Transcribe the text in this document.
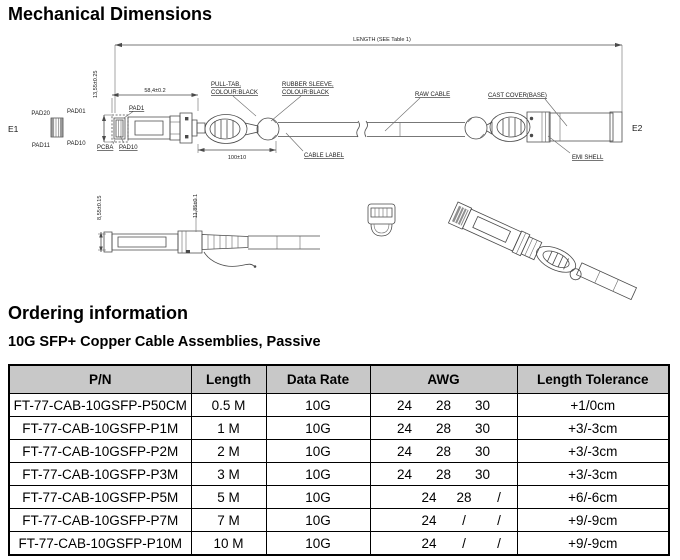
Mechanical Dimensions
LENGTH (SEE Table 1)
E1
PAD20	PAD01
PAD11	PAD10
E2
PAD1
PCBA PAD10
PULL-TAB,
COLOUR:BLACK
RUBBER SLEEVE,
COLOUR:BLACK	RAW CABLE	CAST COVER(BASE)
EMI SHELL
CABLE LABEL
58,4±0.2
13,55±0.25
100±10
8,55±0.15	11,85±0.1
Ordering information
10G SFP+ Copper Cable Assemblies, Passive
P/N	Length	Data Rate	AWG	Length Tolerance
FT-77-CAB-10GSFP-P50CM	0.5 M	10G	24 28 30	+1/0cm
FT-77-CAB-10GSFP-P1M	1 M	10G	24 28 30	+3/-3cm
FT-77-CAB-10GSFP-P2M	2 M	10G	24 28 30	+3/-3cm
FT-77-CAB-10GSFP-P3M	3 M	10G	24 28 30	+3/-3cm
FT-77-CAB-10GSFP-P5M	5 M	10G	24 28 /	+6/-6cm
FT-77-CAB-10GSFP-P7M	7 M	10G	24 / /	+9/-9cm
FT-77-CAB-10GSFP-P10M	10 M	10G	24 / /	+9/-9cm
